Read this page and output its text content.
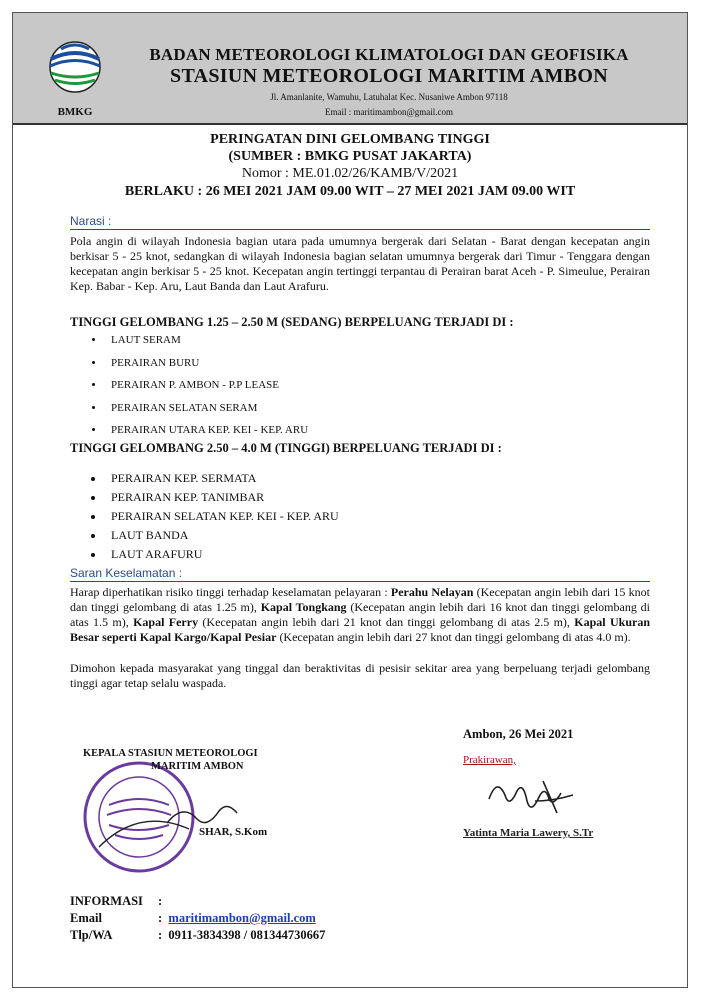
BMKG
BADAN METEOROLOGI KLIMATOLOGI DAN GEOFISIKA
STASIUN METEOROLOGI MARITIM AMBON
Jl. Amanlanite, Wamuhu, Latuhalat Kec. Nusaniwe Ambon 97118
Email : maritimambon@gmail.com
PERINGATAN DINI GELOMBANG TINGGI
(SUMBER : BMKG PUSAT JAKARTA)
Nomor : ME.01.02/26/KAMB/V/2021
BERLAKU : 26 MEI 2021 JAM 09.00 WIT – 27 MEI 2021 JAM 09.00 WIT
Narasi :
Pola angin di wilayah Indonesia bagian utara pada umumnya bergerak dari Selatan - Barat dengan kecepatan angin berkisar 5 - 25 knot, sedangkan di wilayah Indonesia bagian selatan umumnya bergerak dari Timur - Tenggara dengan kecepatan angin berkisar 5 - 25 knot. Kecepatan angin tertinggi terpantau di Perairan barat Aceh - P. Simeulue, Perairan Kep. Babar - Kep. Aru, Laut Banda dan Laut Arafuru.
TINGGI GELOMBANG 1.25 – 2.50 M (SEDANG) BERPELUANG TERJADI DI :
• LAUT SERAM
• PERAIRAN BURU
• PERAIRAN P. AMBON - P.P LEASE
• PERAIRAN SELATAN SERAM
• PERAIRAN UTARA KEP. KEI - KEP. ARU
TINGGI GELOMBANG 2.50 – 4.0 M (TINGGI) BERPELUANG TERJADI DI :
• PERAIRAN KEP. SERMATA
• PERAIRAN KEP. TANIMBAR
• PERAIRAN SELATAN KEP. KEI - KEP. ARU
• LAUT BANDA
• LAUT ARAFURU
Saran Keselamatan :
Harap diperhatikan risiko tinggi terhadap keselamatan pelayaran : Perahu Nelayan (Kecepatan angin lebih dari 15 knot dan tinggi gelombang di atas 1.25 m), Kapal Tongkang (Kecepatan angin lebih dari 16 knot dan tinggi gelombang di atas 1.5 m), Kapal Ferry (Kecepatan angin lebih dari 21 knot dan tinggi gelombang di atas 2.5 m), Kapal Ukuran Besar seperti Kapal Kargo/Kapal Pesiar (Kecepatan angin lebih dari 27 knot dan tinggi gelombang di atas 4.0 m).
Dimohon kepada masyarakat yang tinggal dan beraktivitas di pesisir sekitar area yang berpeluang terjadi gelombang tinggi agar tetap selalu waspada.
Ambon, 26 Mei 2021
Prakirawan,
Yatinta Maria Lawery, S.Tr
KEPALA STASIUN METEOROLOGI
MARITIM AMBON
SHAR, S.Kom
INFORMASI :
Email	: maritimambon@gmail.com
Tlp/WA	: 0911-3834398 / 081344730667
